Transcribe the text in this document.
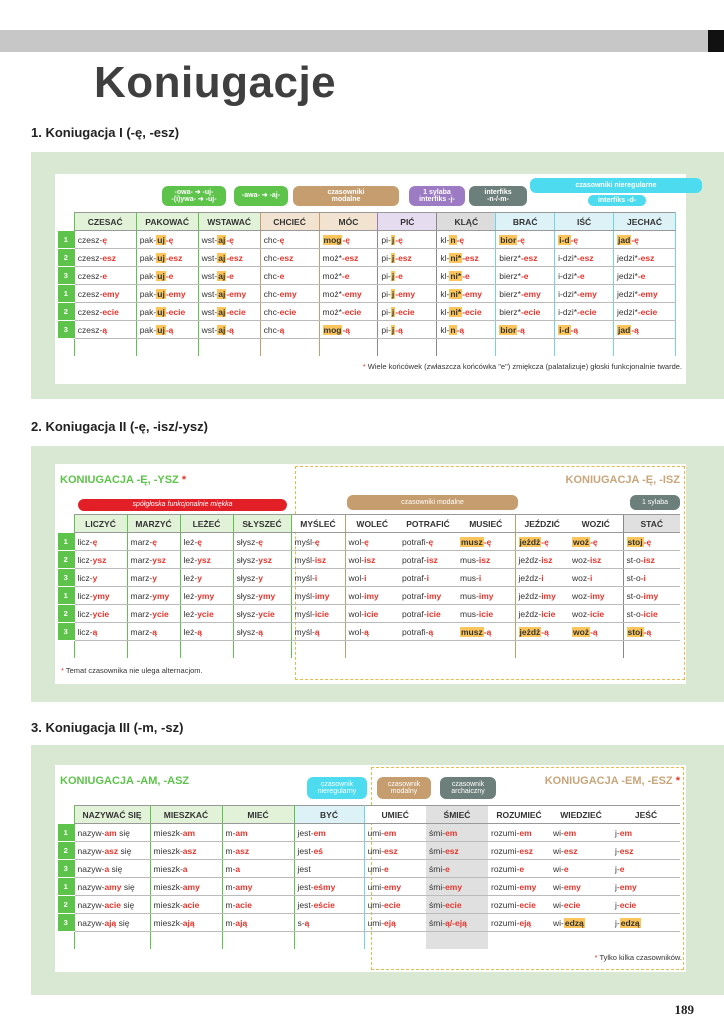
Koniugacje
1. Koniugacja I (-ę, -esz)
-owa- ➜ -uj-
-(i)ywa- ➜ -uj-
-awa- ➜ -aj-
czasowniki
modalne
1 sylaba
interfiks -j-
interfiks
-n-/-m-
czasowniki nieregularne
interfiks -d-
	CZESAĆ	PAKOWAĆ	WSTAWAĆ	CHCIEĆ	MÓC	PIĆ	KLĄĆ	BRAĆ	IŚĆ	JECHAĆ
1	czesz-ę	pak-uj-ę	wst-aj-ę	chc-ę	mog-ę	pi-j-ę	kl-n-ę	bior-ę	i-d-ę	jad-ę
2	czesz-esz	pak-uj-esz	wst-aj-esz	chc-esz	moż*-esz	pi-j-esz	kl-ni*-esz	bierz*-esz	i-dzi*-esz	jedzi*-esz
3	czesz-e	pak-uj-e	wst-aj-e	chc-e	moż*-e	pi-j-e	kl-ni*-e	bierz*-e	i-dzi*-e	jedzi*-e
1	czesz-emy	pak-uj-emy	wst-aj-emy	chc-emy	moż*-emy	pi-j-emy	kl-ni*-emy	bierz*-emy	i-dzi*-emy	jedzi*-emy
2	czesz-ecie	pak-uj-ecie	wst-aj-ecie	chc-ecie	moż*-ecie	pi-j-ecie	kl-ni*-ecie	bierz*-ecie	i-dzi*-ecie	jedzi*-ecie
3	czesz-ą	pak-uj-ą	wst-aj-ą	chc-ą	mog-ą	pi-j-ą	kl-n-ą	bior-ą	i-d-ą	jad-ą

* Wiele końcówek (zwłaszcza końcówka "e") zmiękcza (palatalizuje) głoski funkcjonalnie twarde.
2. Koniugacja II (-ę, -isz/-ysz)
KONIUGACJA -Ę, -YSZ *	KONIUGACJA -Ę, -ISZ
spółgłoska funkcjonalnie miękka	czasowniki modalne	1 sylaba
	LICZYĆ	MARZYĆ	LEŻEĆ	SŁYSZEĆ	MYŚLEĆ	WOLEĆ	POTRAFIĆ	MUSIEĆ	JEŹDZIĆ	WOZIĆ	STAĆ
1	licz-ę	marz-ę	leż-ę	słysz-ę	myśl-ę	wol-ę	potrafi-ę	musz-ę	jeżdż-ę	woż-ę	stoj-ę
2	licz-ysz	marz-ysz	leż-ysz	słysz-ysz	myśl-isz	wol-isz	potraf-isz	mus-isz	jeźdz-isz	woz-isz	st-o-isz
3	licz-y	marz-y	leż-y	słysz-y	myśl-i	wol-i	potraf-i	mus-i	jeźdz-i	woz-i	st-o-i
1	licz-ymy	marz-ymy	leż-ymy	słysz-ymy	myśl-imy	wol-imy	potraf-imy	mus-imy	jeźdz-imy	woz-imy	st-o-imy
2	licz-ycie	marz-ycie	leż-ycie	słysz-ycie	myśl-icie	wol-icie	potraf-icie	mus-icie	jeźdz-icie	woz-icie	st-o-icie
3	licz-ą	marz-ą	leż-ą	słysz-ą	myśl-ą	wol-ą	potrafi-ą	musz-ą	jeżdż-ą	woż-ą	stoj-ą

* Temat czasownika nie ulega alternacjom.
3. Koniugacja III (-m, -sz)
KONIUGACJA -AM, -ASZ	KONIUGACJA -EM, -ESZ *
czasownik
nieregularny
czasownik
modalny
czasownik
archaiczny
	NAZYWAĆ SIĘ	MIESZKAĆ	MIEĆ	BYĆ	UMIEĆ	ŚMIEĆ	ROZUMIEĆ	WIEDZIEĆ	JEŚĆ
1	nazyw-am się	mieszk-am	m-am	jest-em	umi-em	śmi-em	rozumi-em	wi-em	j-em
2	nazyw-asz się	mieszk-asz	m-asz	jest-eś	umi-esz	śmi-esz	rozumi-esz	wi-esz	j-esz
3	nazyw-a się	mieszk-a	m-a	jest	umi-e	śmi-e	rozumi-e	wi-e	j-e
1	nazyw-amy się	mieszk-amy	m-amy	jest-eśmy	umi-emy	śmi-emy	rozumi-emy	wi-emy	j-emy
2	nazyw-acie się	mieszk-acie	m-acie	jest-eście	umi-ecie	śmi-ecie	rozumi-ecie	wi-ecie	j-ecie
3	nazyw-ają się	mieszk-ają	m-ają	s-ą	umi-eją	śmi-ą/-eją	rozumi-eją	wi-edzą	j-edzą

* Tylko kilka czasowników.
189
